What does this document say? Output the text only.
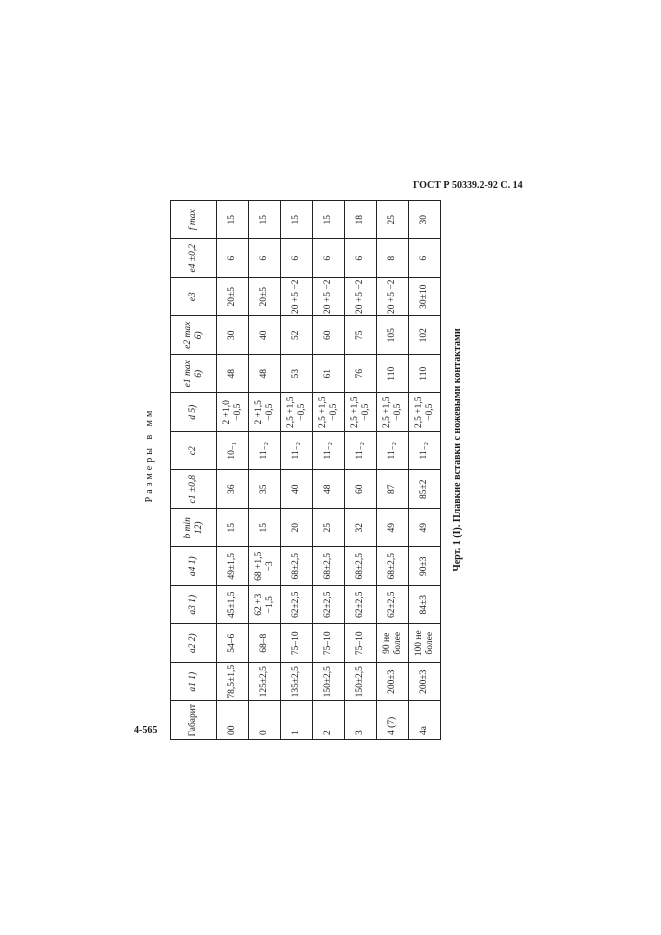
ГОСТ Р 50339.2-92 С. 14
4-565
Размеры в мм
Габарит	a1 1)	a2 2)	a3 1)	a4 1)	b min 12)	c1 ±0,8	c2	d 5)	e1 max 6)	e2 max 6)	e3	e4 ±0,2	f max
00	78,5±1,5	54–6	45±1,5	49±1,5	15	36	10₋₁	2 +1,0 −0,5	48	30	20±5	6	15
0	125±2,5	68–8	62 +3 −1,5	68 +1,5 −3	15	35	11₋₂	2 +1,5 −0,5	48	40	20±5	6	15
1	135±2,5	75–10	62±2,5	68±2,5	20	40	11₋₂	2,5 +1,5 −0,5	53	52	20 +5 −2	6	15
2	150±2,5	75–10	62±2,5	68±2,5	25	48	11₋₂	2,5 +1,5 −0,5	61	60	20 +5 −2	6	15
3	150±2,5	75–10	62±2,5	68±2,5	32	60	11₋₂	2,5 +1,5 −0,5	76	75	20 +5 −2	6	18
4 (7)	200±3	90 не более	62±2,5	68±2,5	49	87	11₋₂	2,5 +1,5 −0,5	110	105	20 +5 −2	8	25
4a	200±3	100 не более	84±3	90±3	49	85±2	11₋₂	2,5 +1,5 −0,5	110	102	30±10	6	30
Черт. 1 (I). Плавкие вставки с ножевыми контактами
